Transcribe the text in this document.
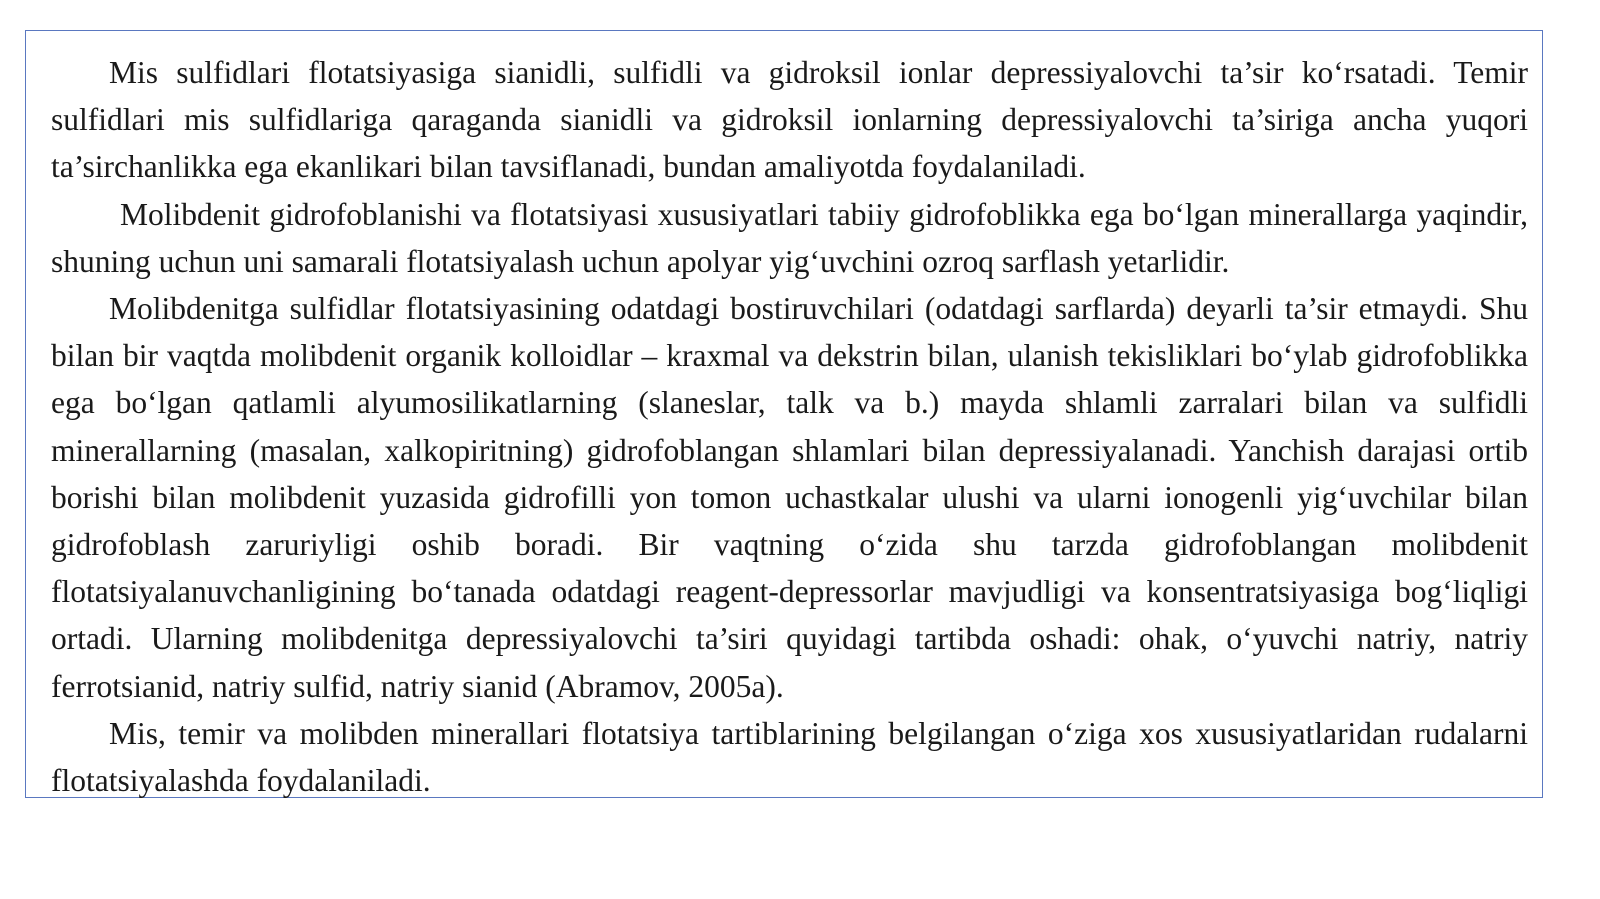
Mis sulfidlari flotatsiyasiga sianidli, sulfidli va gidroksil ionlar depressiyalovchi ta’sir ko‘rsatadi. Temir sulfidlari mis sulfidlariga qaraganda sianidli va gidroksil ionlarning depressiyalovchi ta’siriga ancha yuqori ta’sirchanlikka ega ekanlikari bilan tavsiflanadi, bundan amaliyotda foydalaniladi.

Molibdenit gidrofoblanishi va flotatsiyasi xususiyatlari tabiiy gidrofoblikka ega bo‘lgan minerallarga yaqindir, shuning uchun uni samarali flotatsiyalash uchun apolyar yig‘uvchini ozroq sarflash yetarlidir.

Molibdenitga sulfidlar flotatsiyasining odatdagi bostiruvchilari (odatdagi sarflarda) deyarli ta’sir etmaydi. Shu bilan bir vaqtda molibdenit organik kolloidlar – kraxmal va dekstrin bilan, ulanish tekisliklari bo‘ylab gidrofoblikka ega bo‘lgan qatlamli alyumosilikatlarning (slaneslar, talk va b.) mayda shlamli zarralari bilan va sulfidli minerallarning (masalan, xalkopiritning) gidrofoblangan shlamlari bilan depressiyalanadi. Yanchish darajasi ortib borishi bilan molibdenit yuzasida gidrofilli yon tomon uchastkalar ulushi va ularni ionogenli yig‘uvchilar bilan gidrofoblash zaruriyligi oshib boradi. Bir vaqtning o‘zida shu tarzda gidrofoblangan molibdenit flotatsiyalanuvchanligining bo‘tanada odatdagi reagent-depressorlar mavjudligi va konsentratsiyasiga bog‘liqligi ortadi. Ularning molibdenitga depressiyalovchi ta’siri quyidagi tartibda oshadi: ohak, o‘yuvchi natriy, natriy ferrotsianid, natriy sulfid, natriy sianid (Abramov, 2005a).

Mis, temir va molibden minerallari flotatsiya tartiblarining belgilangan o‘ziga xos xususiyatlaridan rudalarni flotatsiyalashda foydalaniladi.
